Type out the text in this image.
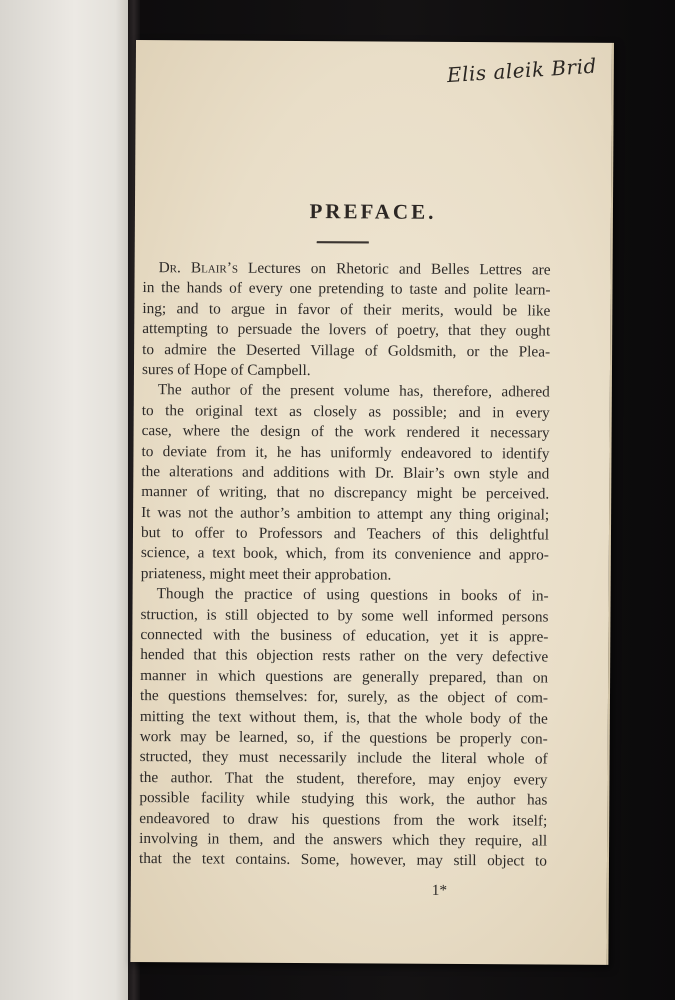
Elis aleik Brid
PREFACE.
Dr. Blair’s Lectures on Rhetoric and Belles Lettres are
in the hands of every one pretending to taste and polite learn-
ing; and to argue in favor of their merits, would be like
attempting to persuade the lovers of poetry, that they ought
to admire the Deserted Village of Goldsmith, or the Plea-
sures of Hope of Campbell.
The author of the present volume has, therefore, adhered
to the original text as closely as possible; and in every
case, where the design of the work rendered it necessary
to deviate from it, he has uniformly endeavored to identify
the alterations and additions with Dr. Blair’s own style and
manner of writing, that no discrepancy might be perceived.
It was not the author’s ambition to attempt any thing original;
but to offer to Professors and Teachers of this delightful
science, a text book, which, from its convenience and appro-
priateness, might meet their approbation.
Though the practice of using questions in books of in-
struction, is still objected to by some well informed persons
connected with the business of education, yet it is appre-
hended that this objection rests rather on the very defective
manner in which questions are generally prepared, than on
the questions themselves: for, surely, as the object of com-
mitting the text without them, is, that the whole body of the
work may be learned, so, if the questions be properly con-
structed, they must necessarily include the literal whole of
the author. That the student, therefore, may enjoy every
possible facility while studying this work, the author has
endeavored to draw his questions from the work itself;
involving in them, and the answers which they require, all
that the text contains. Some, however, may still object to
1*
